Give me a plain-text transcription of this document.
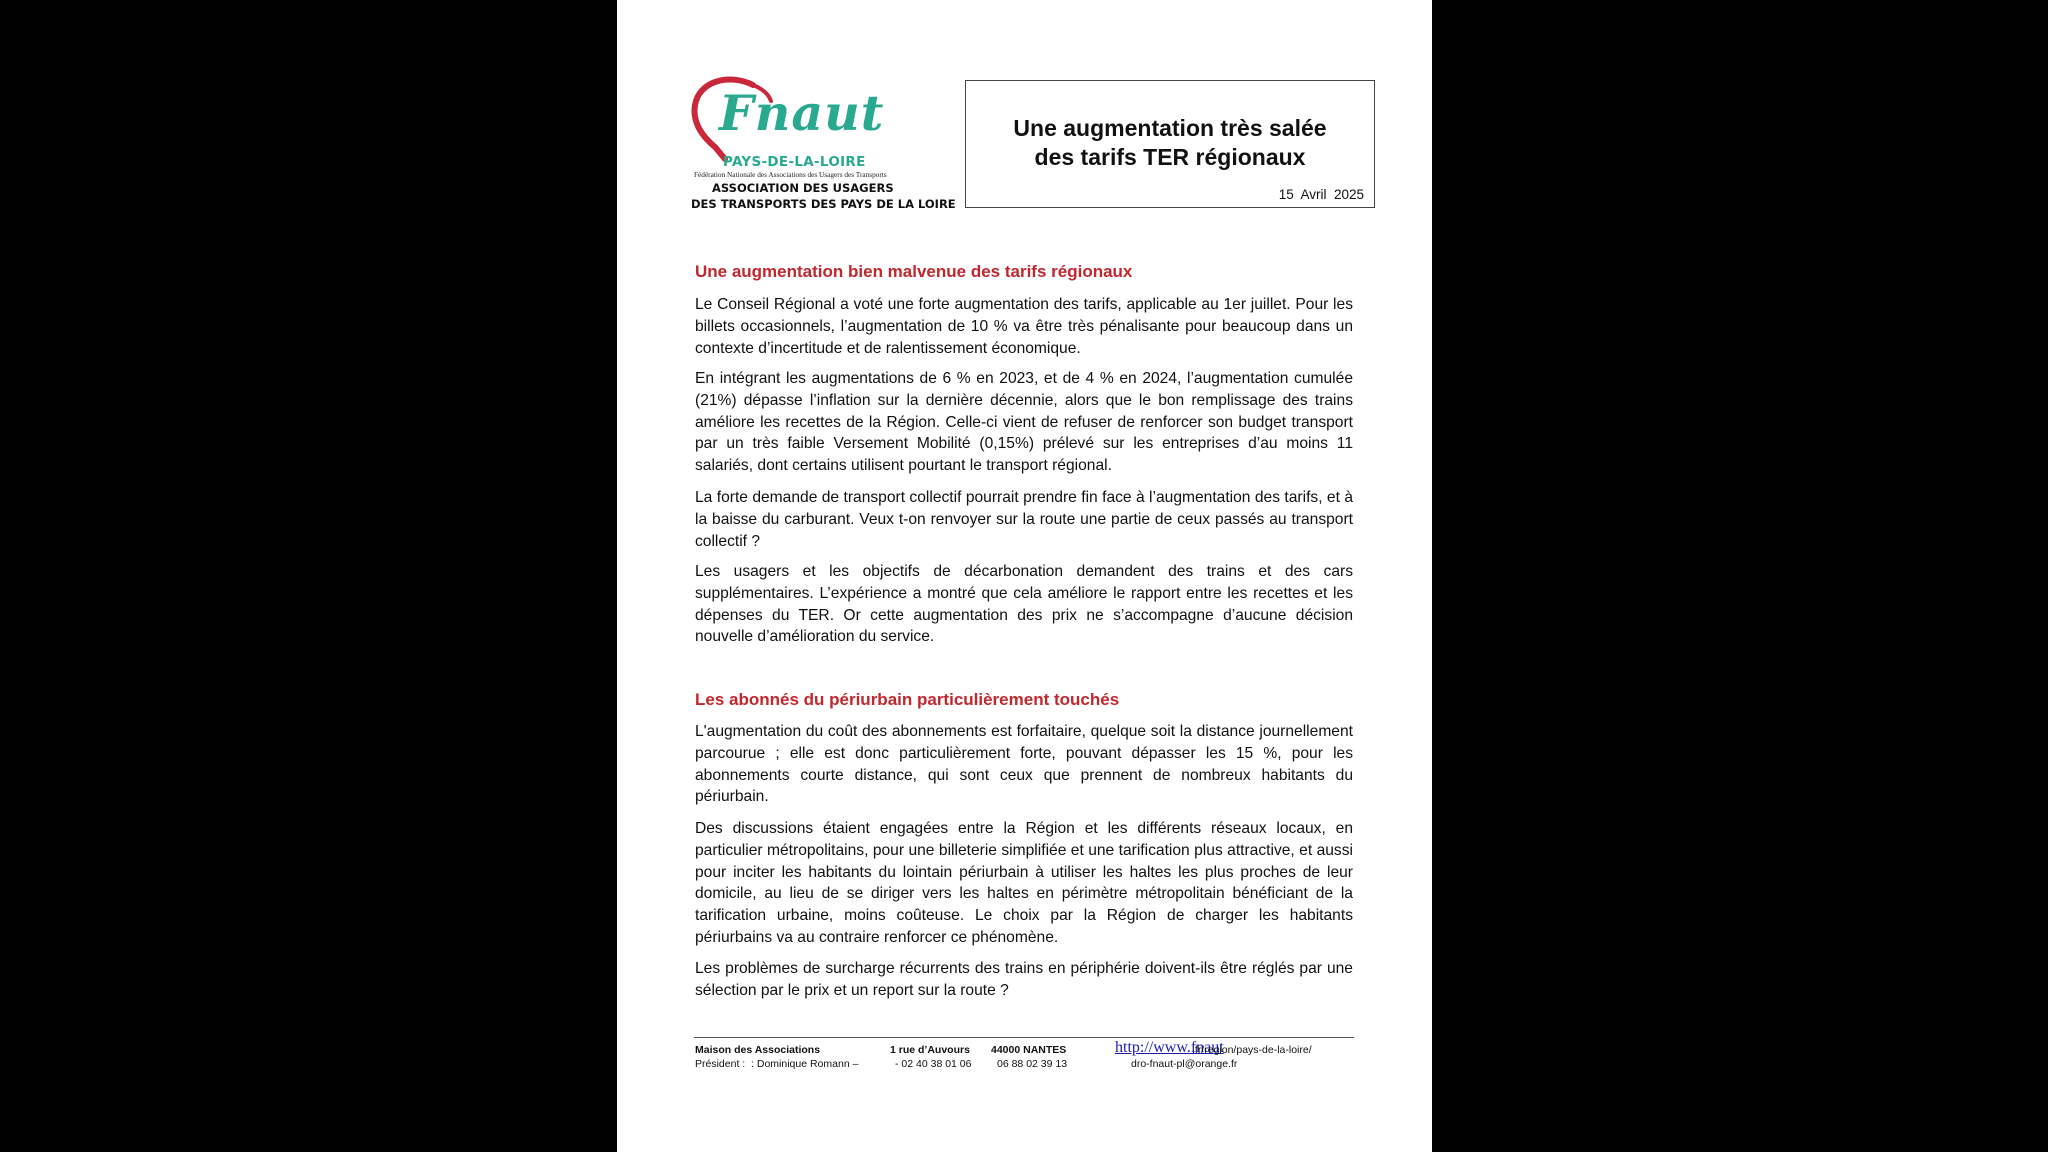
Fnaut
PAYS-DE-LA-LOIRE
Fédération Nationale des Associations des Usagers des Transports
ASSOCIATION DES USAGERS
DES TRANSPORTS DES PAYS DE LA LOIRE
Une augmentation très salée
des tarifs TER régionaux
15  Avril  2025
Une augmentation bien malvenue des tarifs régionaux

Le Conseil Régional a voté une forte augmentation des tarifs, applicable au 1er juillet. Pour les billets occasionnels, l’augmentation de 10 % va être très pénalisante pour beaucoup dans un contexte d’incertitude et de ralentissement économique.

En intégrant les augmentations de 6 % en 2023, et de 4 % en 2024, l’augmentation cumulée (21%) dépasse l’inflation sur la dernière décennie, alors que le bon remplissage des trains améliore les recettes de la Région. Celle-ci vient de refuser de renforcer son budget transport par un très faible Versement Mobilité (0,15%) prélevé sur les entreprises d’au moins 11 salariés, dont certains utilisent pourtant le transport régional.

La forte demande de transport collectif pourrait prendre fin face à l’augmentation des tarifs, et à la baisse du carburant. Veux t-on renvoyer sur la route une partie de ceux passés au transport collectif ?

Les usagers et les objectifs de décarbonation demandent des trains et des cars supplémentaires. L’expérience a montré que cela améliore le rapport entre les recettes et les dépenses du TER. Or cette augmentation des prix ne s’accompagne d’aucune décision nouvelle d’amélioration du service.

Les abonnés du périurbain particulièrement touchés

L'augmentation du coût des abonnements est forfaitaire, quelque soit la distance journellement parcourue ; elle est donc particulièrement forte, pouvant dépasser les 15 %, pour les abonnements courte distance, qui sont ceux que prennent de nombreux habitants du périurbain.

Des discussions étaient engagées entre la Région et les différents réseaux locaux, en particulier métropolitains, pour une billeterie simplifiée et une tarification plus attractive, et aussi pour inciter les habitants du lointain périurbain à utiliser les haltes les plus proches de leur domicile, au lieu de se diriger vers les haltes en périmètre métropolitain bénéficiant de la tarification urbaine, moins coûteuse. Le choix par la Région de charger les habitants périurbains va au contraire renforcer ce phénomène.

Les problèmes de surcharge récurrents des trains en périphérie doivent-ils être réglés par une sélection par le prix et un report sur la route ?

Maison des Associations
Président :  : Dominique Romann –
1 rue d’Auvours
- 02 40 38 01 06
44000 NANTES
06 88 02 39 13
http://www.fnaut
.fr/region/pays-de-la-loire/
dro-fnaut-pl@orange.fr
